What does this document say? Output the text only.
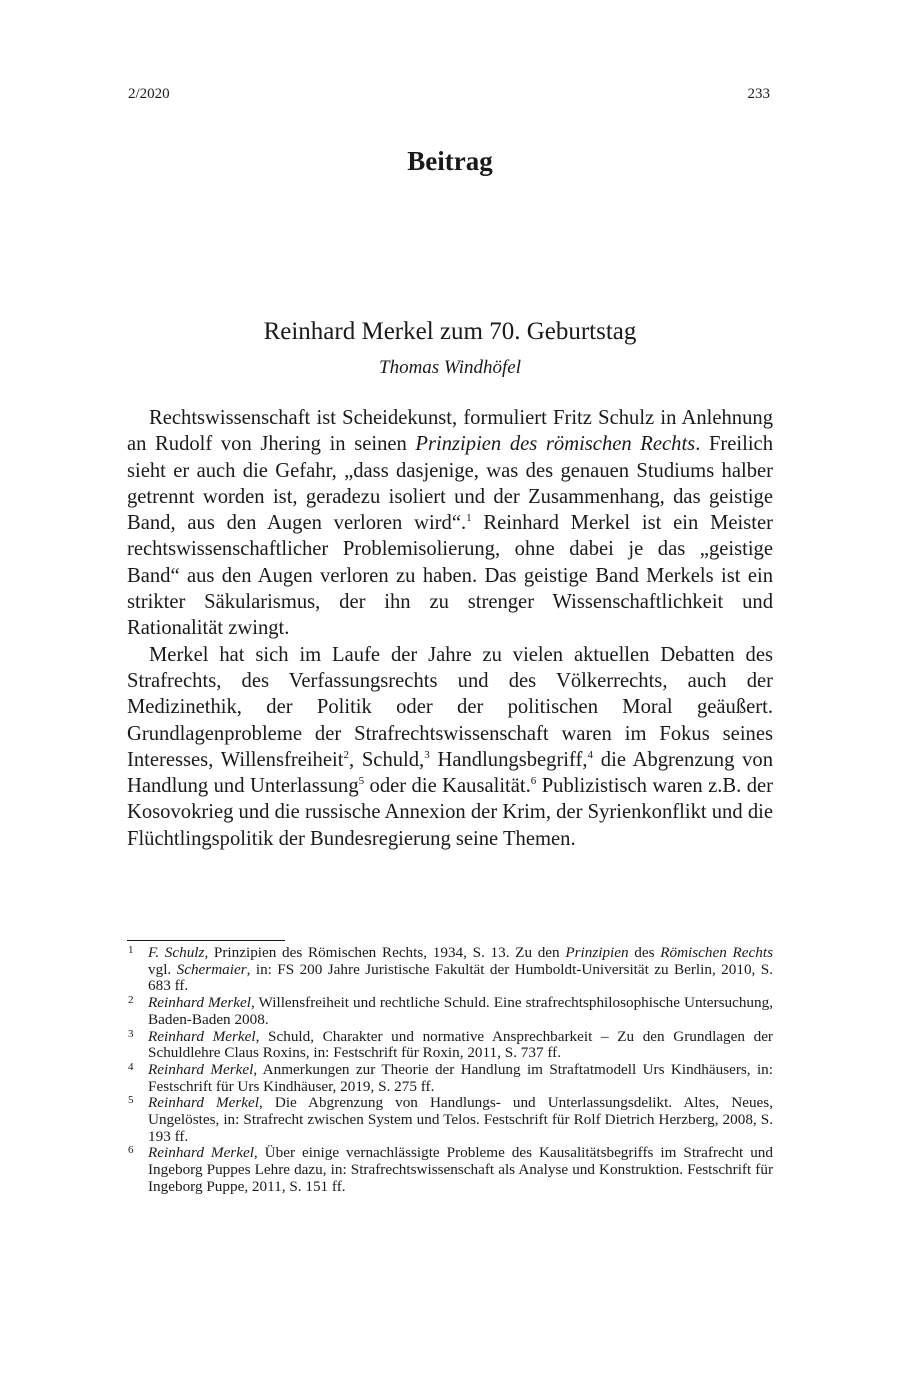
2/2020	233
Beitrag
Reinhard Merkel zum 70. Geburtstag
Thomas Windhöfel

Rechtswissenschaft ist Scheidekunst, formuliert Fritz Schulz in Anlehnung an Rudolf von Jhering in seinen Prinzipien des römischen Rechts. Freilich sieht er auch die Gefahr, „dass dasjenige, was des genauen Studiums halber getrennt worden ist, geradezu isoliert und der Zusammenhang, das geistige Band, aus den Augen verloren wird“.$^1$ Reinhard Merkel ist ein Meister rechtswissenschaftlicher Problemisolierung, ohne dabei je das „geistige Band“ aus den Augen verloren zu haben. Das geistige Band Merkels ist ein strikter Säkularismus, der ihn zu strenger Wissenschaftlichkeit und Rationalität zwingt.

Merkel hat sich im Laufe der Jahre zu vielen aktuellen Debatten des Strafrechts, des Verfassungsrechts und des Völkerrechts, auch der Medizinethik, der Politik oder der politischen Moral geäußert. Grundlagenprobleme der Strafrechtswissenschaft waren im Fokus seines Interesses, Willensfreiheit$^2$, Schuld,$^3$ Handlungsbegriff,$^4$ die Abgrenzung von Handlung und Unterlassung$^5$ oder die Kausalität.$^6$ Publizistisch waren z.B. der Kosovokrieg und die russische Annexion der Krim, der Syrienkonflikt und die Flüchtlingspolitik der Bundesregierung seine Themen.

1 F. Schulz, Prinzipien des Römischen Rechts, 1934, S. 13. Zu den Prinzipien des Römischen Rechts vgl. Schermaier, in: FS 200 Jahre Juristische Fakultät der Humboldt-Universität zu Berlin, 2010, S. 683 ff.

2 Reinhard Merkel, Willensfreiheit und rechtliche Schuld. Eine strafrechtsphilosophische Untersuchung, Baden-Baden 2008.

3 Reinhard Merkel, Schuld, Charakter und normative Ansprechbarkeit – Zu den Grundlagen der Schuldlehre Claus Roxins, in: Festschrift für Roxin, 2011, S. 737 ff.

4 Reinhard Merkel, Anmerkungen zur Theorie der Handlung im Straftatmodell Urs Kindhäusers, in: Festschrift für Urs Kindhäuser, 2019, S. 275 ff.

5 Reinhard Merkel, Die Abgrenzung von Handlungs- und Unterlassungsdelikt. Altes, Neues, Ungelöstes, in: Strafrecht zwischen System und Telos. Festschrift für Rolf Dietrich Herzberg, 2008, S. 193 ff.

6 Reinhard Merkel, Über einige vernachlässigte Probleme des Kausalitätsbegriffs im Strafrecht und Ingeborg Puppes Lehre dazu, in: Strafrechtswissenschaft als Analyse und Konstruktion. Festschrift für Ingeborg Puppe, 2011, S. 151 ff.
